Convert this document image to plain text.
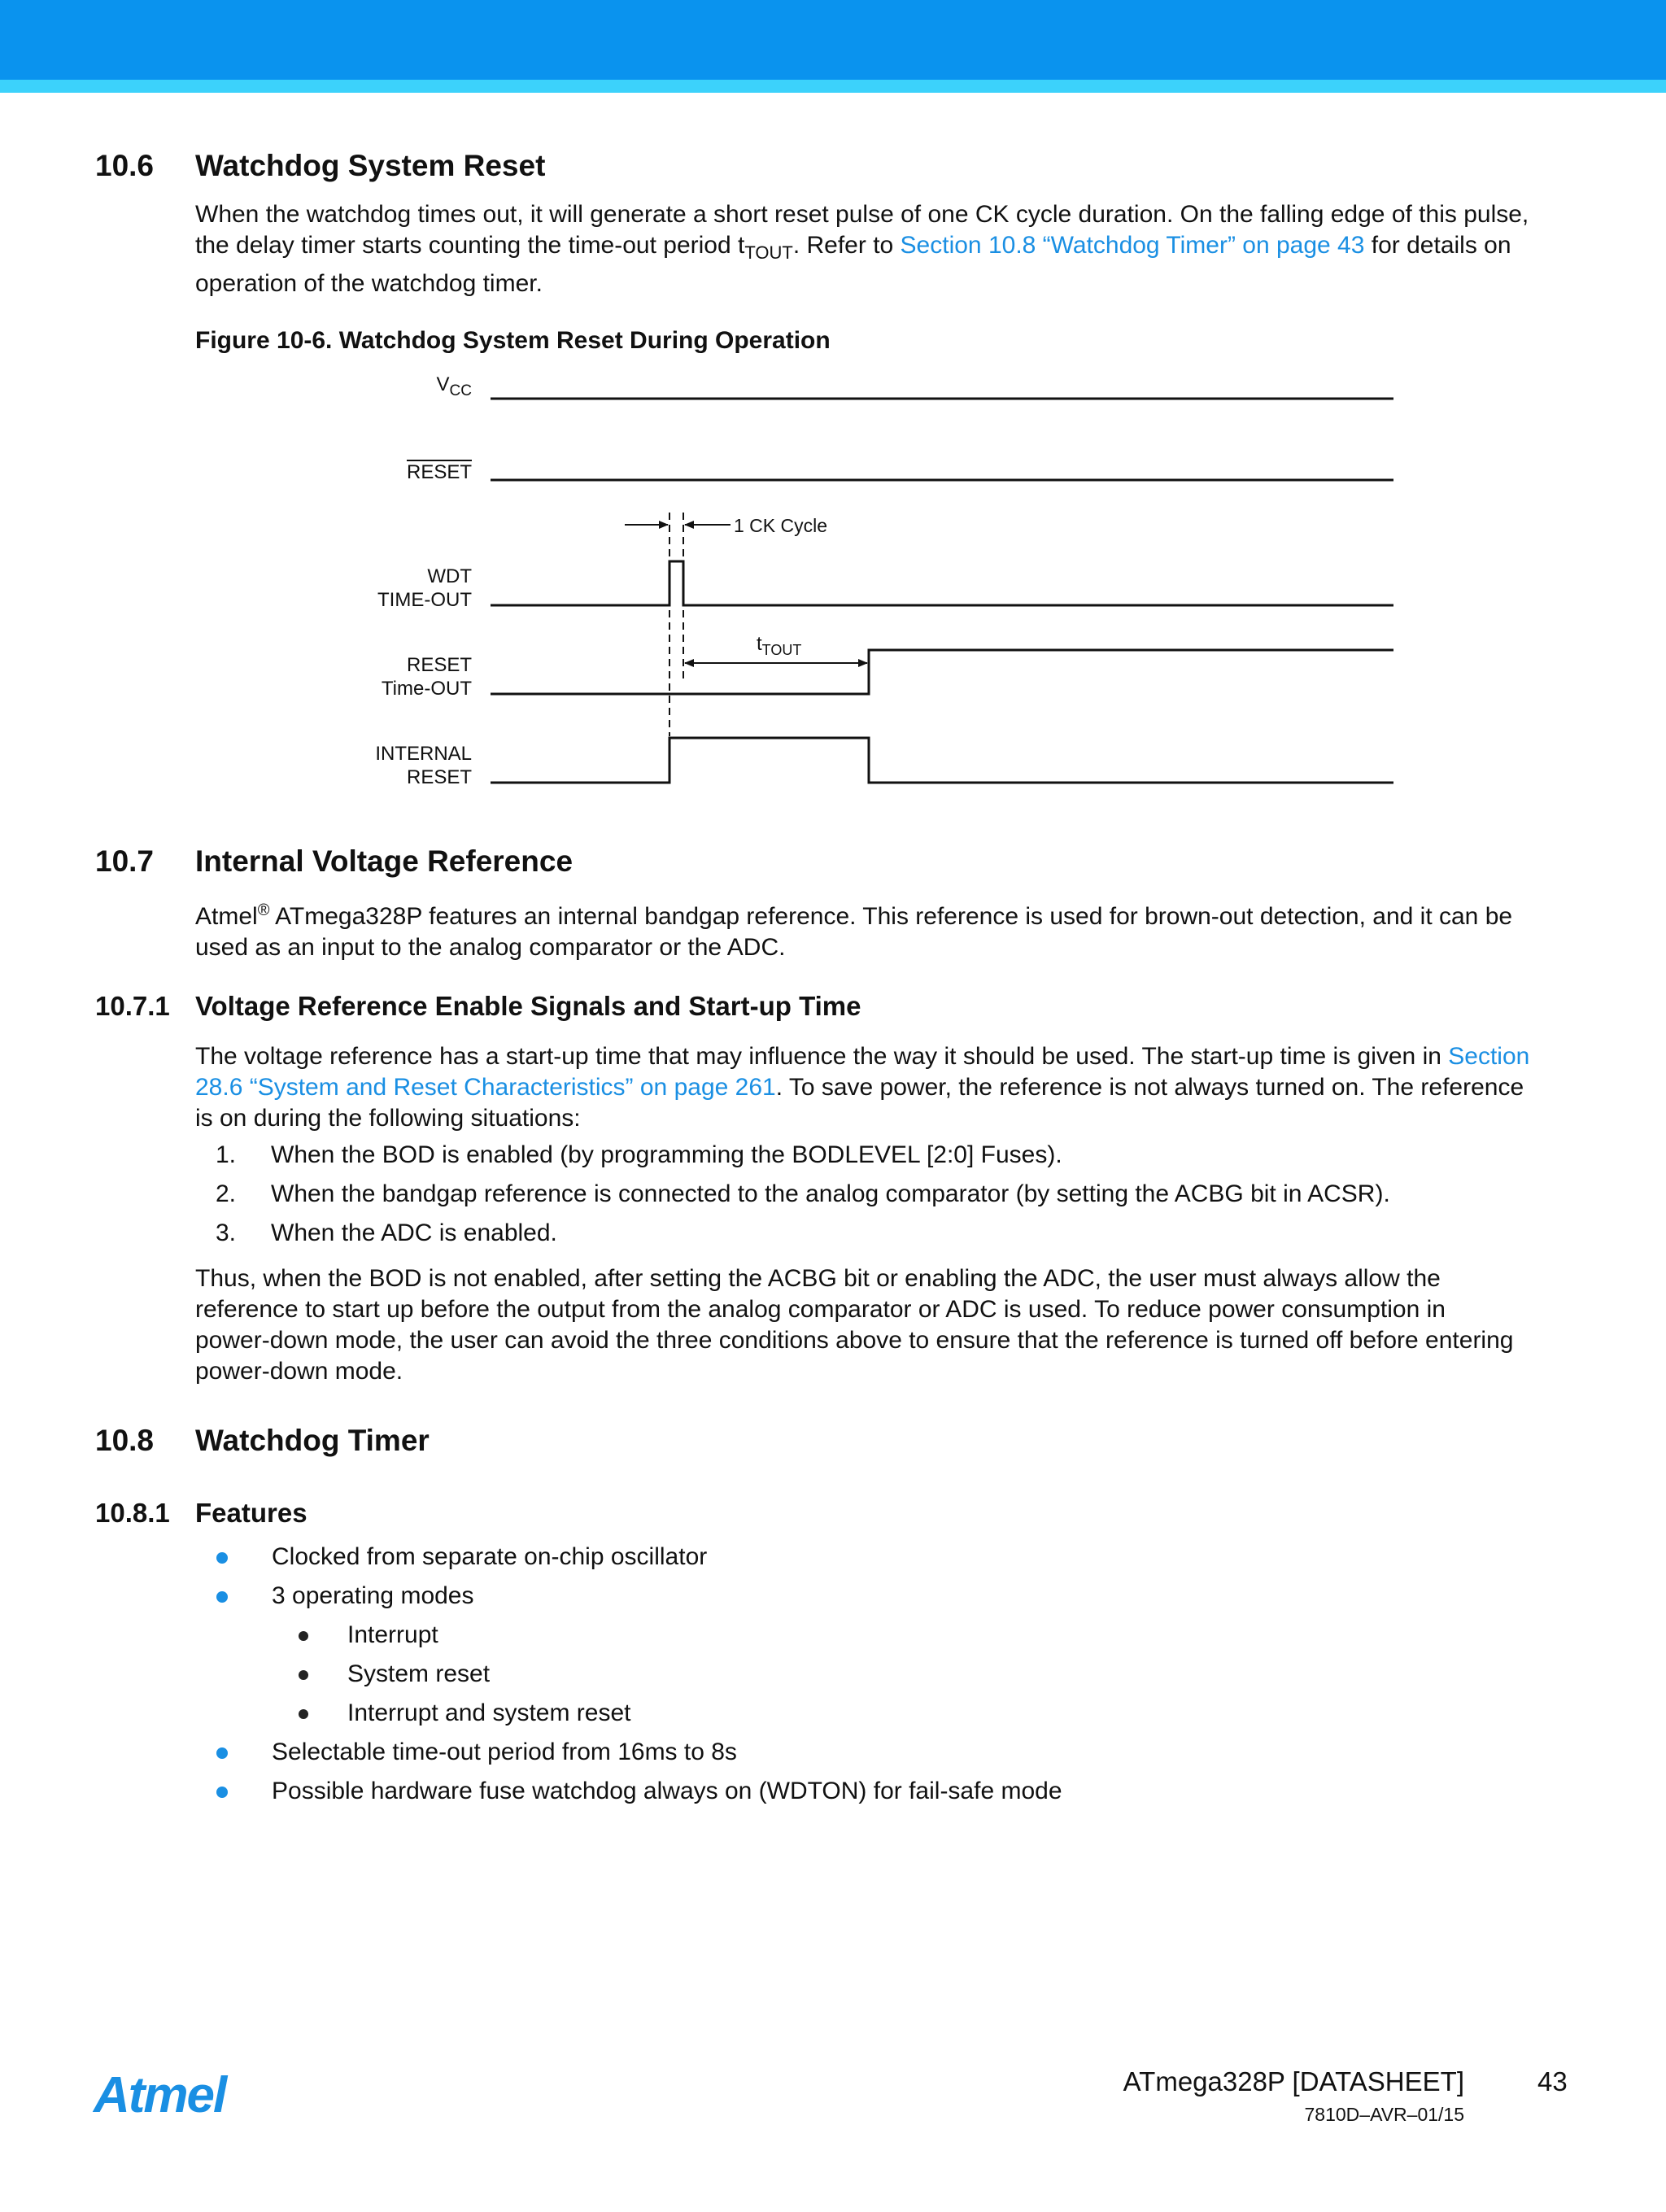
10.6 Watchdog System Reset
When the watchdog times out, it will generate a short reset pulse of one CK cycle duration. On the falling edge of this pulse,
the delay timer starts counting the time-out period $t_{TOUT}$. Refer to Section 10.8 “Watchdog Timer” on page 43 for details on
operation of the watchdog timer.
Figure 10-6. Watchdog System Reset During Operation
$V_{CC}$
RESET
WDT
TIME-OUT
RESET
Time-OUT
INTERNAL
RESET
1 CK Cycle
$t_{TOUT}$
10.7 Internal Voltage Reference
Atmel® ATmega328P features an internal bandgap reference. This reference is used for brown-out detection, and it can be
used as an input to the analog comparator or the ADC.
10.7.1 Voltage Reference Enable Signals and Start-up Time
The voltage reference has a start-up time that may influence the way it should be used. The start-up time is given in Section
28.6 “System and Reset Characteristics” on page 261. To save power, the reference is not always turned on. The reference
is on during the following situations:
1. When the BOD is enabled (by programming the BODLEVEL [2:0] Fuses).
2. When the bandgap reference is connected to the analog comparator (by setting the ACBG bit in ACSR).
3. When the ADC is enabled.
Thus, when the BOD is not enabled, after setting the ACBG bit or enabling the ADC, the user must always allow the
reference to start up before the output from the analog comparator or ADC is used. To reduce power consumption in
power-down mode, the user can avoid the three conditions above to ensure that the reference is turned off before entering
power-down mode.
10.8 Watchdog Timer
10.8.1 Features
Clocked from separate on-chip oscillator
3 operating modes
Interrupt
System reset
Interrupt and system reset
Selectable time-out period from 16ms to 8s
Possible hardware fuse watchdog always on (WDTON) for fail-safe mode
Atmel	ATmega328P [DATASHEET]	43
7810D–AVR–01/15
